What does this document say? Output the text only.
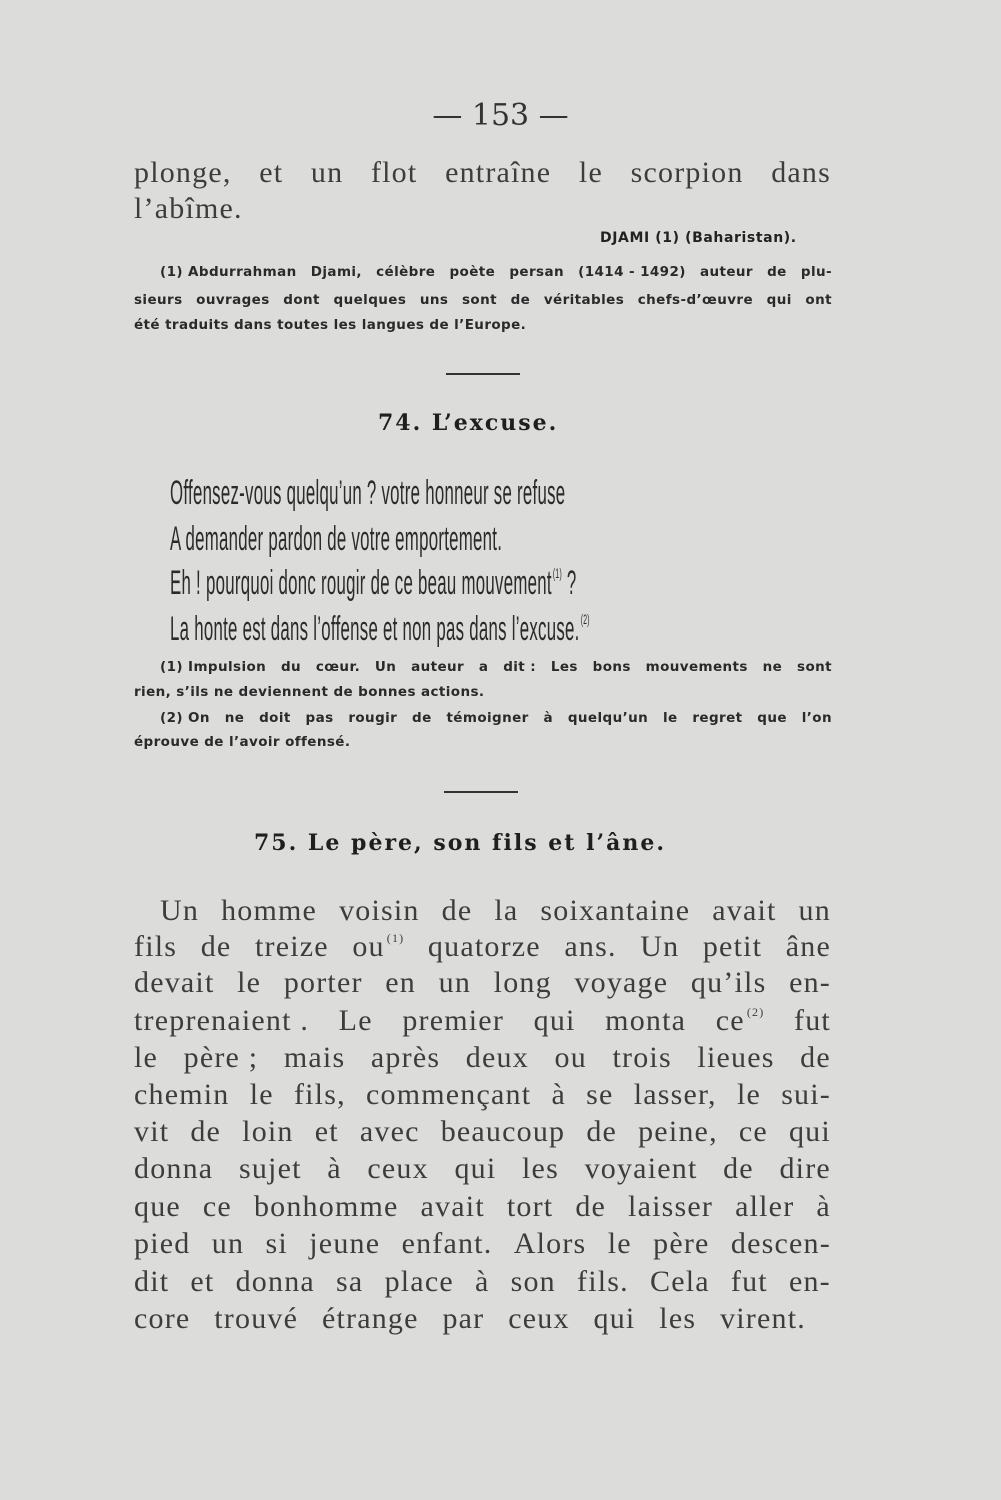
— 153 —
plonge, et un flot entraîne le scorpion dans
l’abîme.
DJAMI (1) (Baharistan).
(1) Abdurrahman Djami, célèbre poète persan (1414 - 1492) auteur de plu-
sieurs ouvrages dont quelques uns sont de véritables chefs-d’œuvre qui ont
été traduits dans toutes les langues de l’Europe.
74. L’excuse.
Offensez-vous quelqu’un ? votre honneur se refuse
A demander pardon de votre emportement.
Eh ! pourquoi donc rougir de ce beau mouvement$^{(1)}$ ?
La honte est dans l’offense et non pas dans l’excuse.$^{(2)}$
(1) Impulsion du cœur. Un auteur a dit : Les bons mouvements ne sont
rien, s’ils ne deviennent de bonnes actions.
(2) On ne doit pas rougir de témoigner à quelqu’un le regret que l’on
éprouve de l’avoir offensé.
75. Le père, son fils et l’âne.
Un homme voisin de la soixantaine avait un
fils de treize ou $^{(1)}$ quatorze ans. Un petit âne
devait le porter en un long voyage qu’ils en-
treprenaient . Le premier qui monta ce $^{(2)}$ fut
le père ; mais après deux ou trois lieues de
chemin le fils, commençant à se lasser, le sui-
vit de loin et avec beaucoup de peine, ce qui
donna sujet à ceux qui les voyaient de dire
que ce bonhomme avait tort de laisser aller à
pied un si jeune enfant. Alors le père descen-
dit et donna sa place à son fils. Cela fut en-
core trouvé étrange par ceux qui les virent.
